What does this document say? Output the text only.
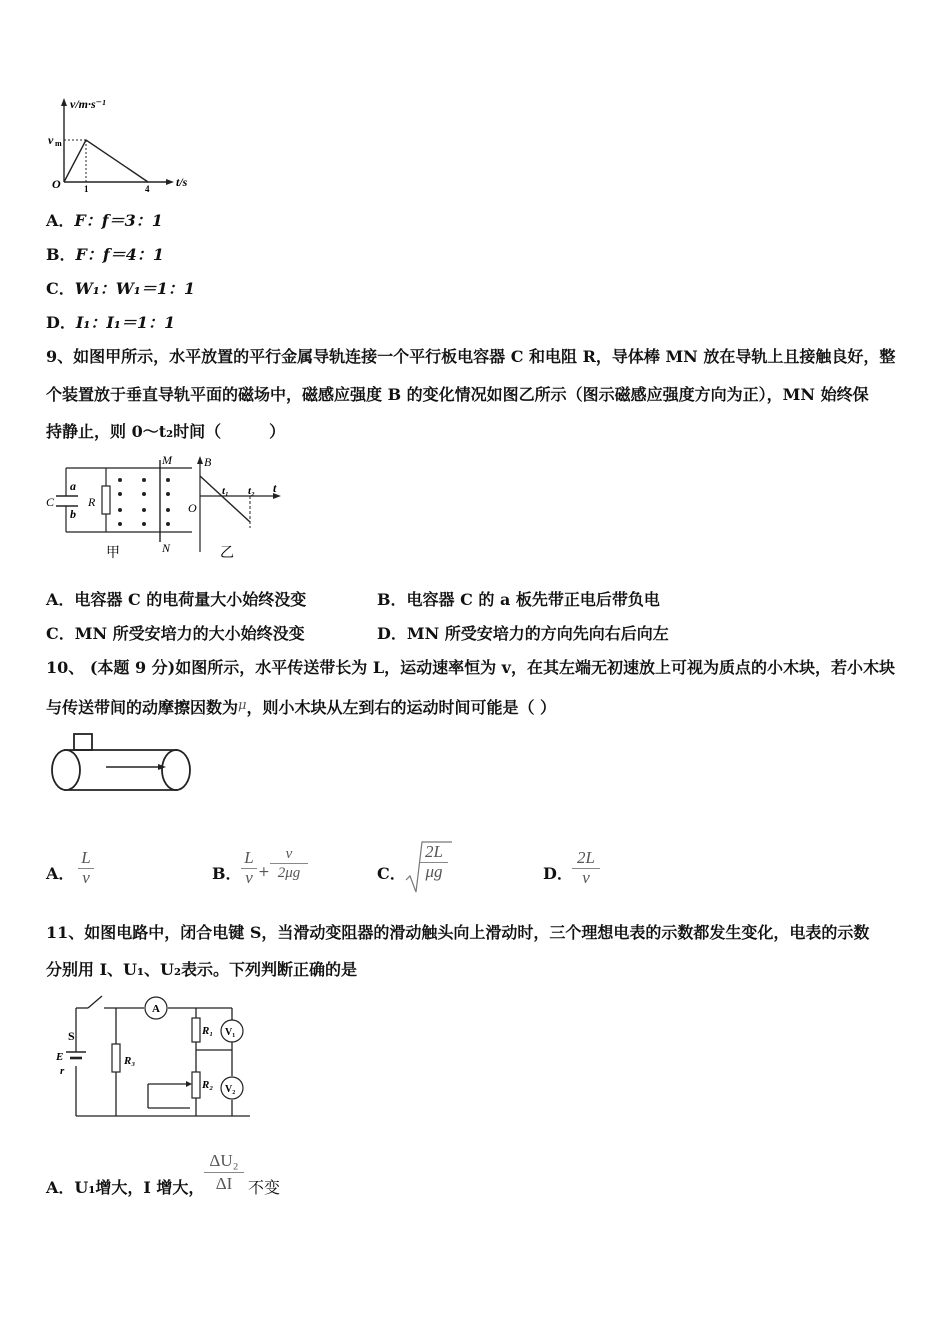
v/m·s⁻¹
t/s
v m
O	1	4
A．F：f＝3：1
B．F：f＝4：1
C．W₁：W₁＝1：1
D．I₁：I₁＝1：1
9、如图甲所示，水平放置的平行金属导轨连接一个平行板电容器 C 和电阻 R，导体棒 MN 放在导轨上且接触良好，整
个装置放于垂直导轨平面的磁场中，磁感应强度 B 的变化情况如图乙所示（图示磁感应强度方向为正），MN 始终保
持静止，则 0～t₂时间（　　　）
M
N
a
b
C	R
甲
B
O
t₁ t₂ t
乙
A．电容器 C 的电荷量大小始终没变	B．电容器 C 的 a 板先带正电后带负电
C．MN 所受安培力的大小始终没变	D．MN 所受安培力的方向先向右后向左
10、 (本题 9 分)如图所示，水平传送带长为 L，运动速率恒为 v，在其左端无初速放上可视为质点的小木块，若小木块
与传送带间的动摩擦因数为$^\mu$，则小木块从左到右的运动时间可能是（ ）
A． $\frac{L}{v}$	B． $\frac{L}{v} + \frac{v}{2\mu g}$	C． $\frac{2L}{\mu g}$	D． $\frac{2L}{v}$
11、如图电路中，闭合电键 S，当滑动变阻器的滑动触头向上滑动时，三个理想电表的示数都发生变化，电表的示数
分别用 I、U₁、U₂表示。下列判断正确的是
A
V₁
V₂
S
E
r
R₃
R₁
R₂
A．U₁增大，I 增大， $\frac{\text{ΔU₂}}{\Delta I}$ 不变
